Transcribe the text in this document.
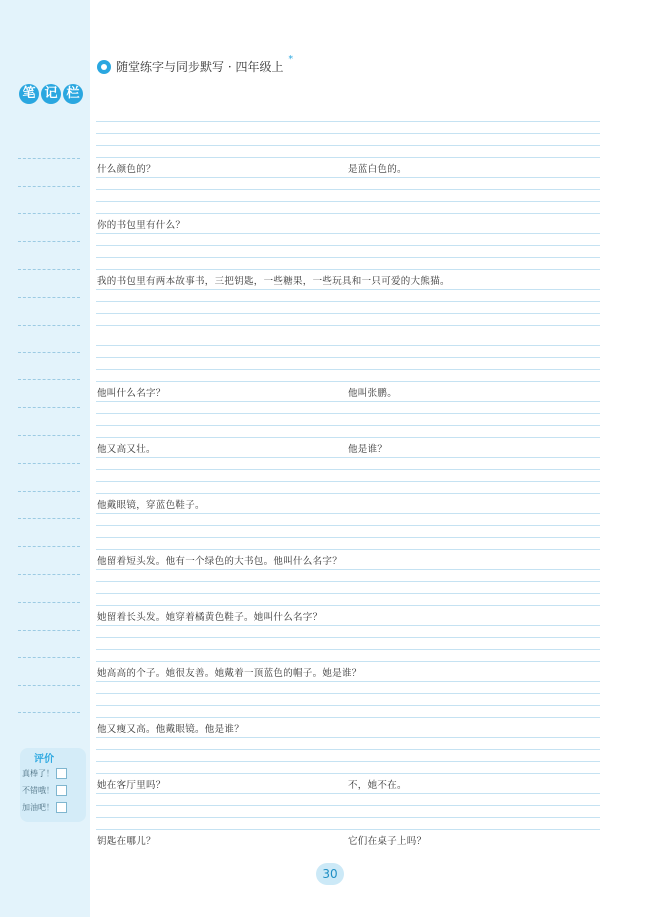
笔 记 栏
评价
真棒了！
不错哦！
加油吧！
随堂练字与同步默写 · 四年级上
*
什么颜色的？	是蓝白色的。
你的书包里有什么？
我的书包里有两本故事书，三把钥匙，一些糖果，一些玩具和一只可爱的大熊猫。
他叫什么名字？	他叫张鹏。
他又高又壮。	他是谁？
他戴眼镜，穿蓝色鞋子。
他留着短头发。他有一个绿色的大书包。他叫什么名字？
她留着长头发。她穿着橘黄色鞋子。她叫什么名字？
她高高的个子。她很友善。她戴着一顶蓝色的帽子。她是谁？
他又瘦又高。他戴眼镜。他是谁？
她在客厅里吗？	不，她不在。
钥匙在哪儿？	它们在桌子上吗？
30
